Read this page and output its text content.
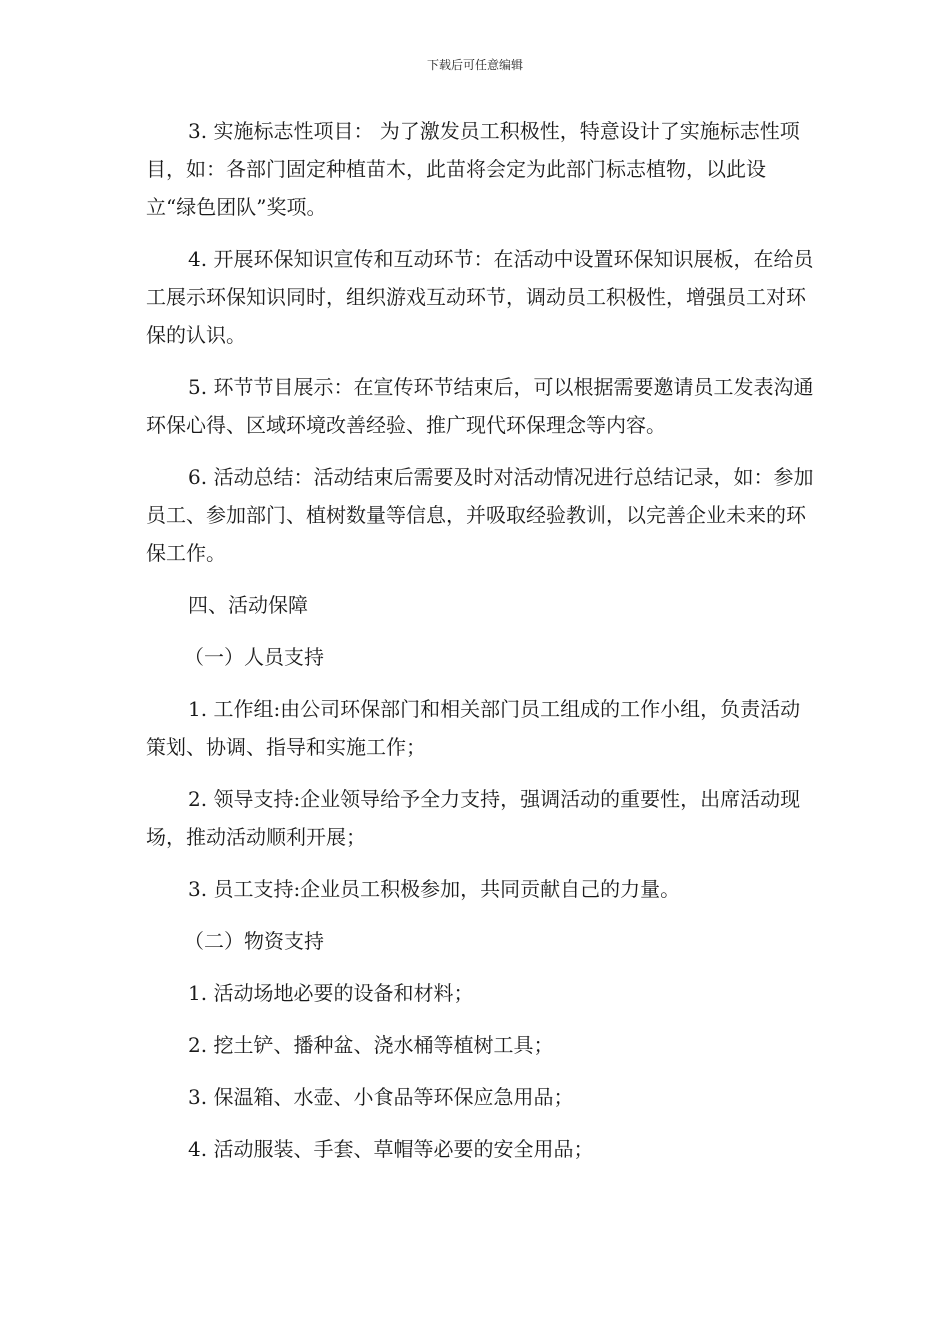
下载后可任意编辑

3. 实施标志性项目： 为了激发员工积极性，特意设计了实施标志性项目，如：各部门固定种植苗木，此苗将会定为此部门标志植物，以此设立“绿色团队”奖项。

4. 开展环保知识宣传和互动环节：在活动中设置环保知识展板，在给员工展示环保知识同时，组织游戏互动环节，调动员工积极性，增强员工对环保的认识。

5. 环节节目展示：在宣传环节结束后，可以根据需要邀请员工发表沟通环保心得、区域环境改善经验、推广现代环保理念等内容。

6. 活动总结：活动结束后需要及时对活动情况进行总结记录，如：参加员工、参加部门、植树数量等信息，并吸取经验教训，以完善企业未来的环保工作。

四、活动保障

（一）人员支持

1. 工作组:由公司环保部门和相关部门员工组成的工作小组，负责活动策划、协调、指导和实施工作；

2. 领导支持:企业领导给予全力支持，强调活动的重要性，出席活动现场，推动活动顺利开展；

3. 员工支持:企业员工积极参加，共同贡献自己的力量。

（二）物资支持

1. 活动场地必要的设备和材料；

2. 挖土铲、播种盆、浇水桶等植树工具；

3. 保温箱、水壶、小食品等环保应急用品；

4. 活动服装、手套、草帽等必要的安全用品；
